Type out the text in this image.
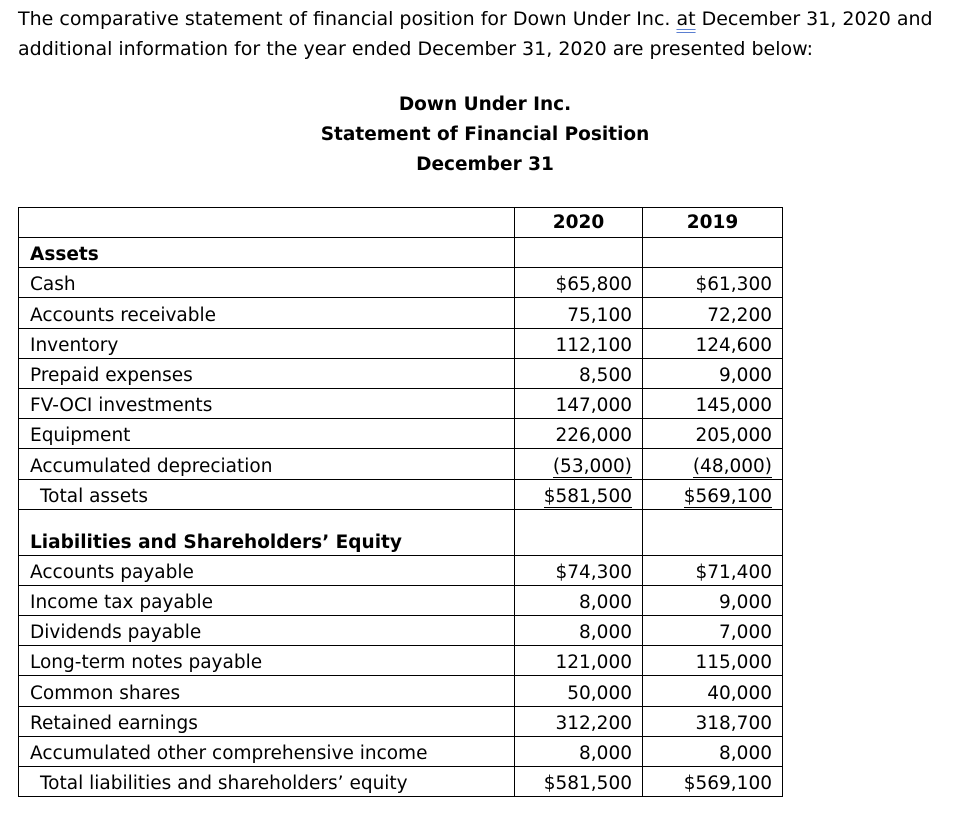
The comparative statement of financial position for Down Under Inc. at December 31, 2020 and additional information for the year ended December 31, 2020 are presented below:

Down Under Inc.
Statement of Financial Position
December 31
	2020	2019
Assets		
Cash	$65,800	$61,300
Accounts receivable	75,100	72,200
Inventory	112,100	124,600
Prepaid expenses	8,500	9,000
FV-OCI investments	147,000	145,000
Equipment	226,000	205,000
Accumulated depreciation	(53,000)	(48,000)
Total assets	$581,500	$569,100
Liabilities and Shareholders’ Equity		
Accounts payable	$74,300	$71,400
Income tax payable	8,000	9,000
Dividends payable	8,000	7,000
Long-term notes payable	121,000	115,000
Common shares	50,000	40,000
Retained earnings	312,200	318,700
Accumulated other comprehensive income	8,000	8,000
Total liabilities and shareholders’ equity	$581,500	$569,100
